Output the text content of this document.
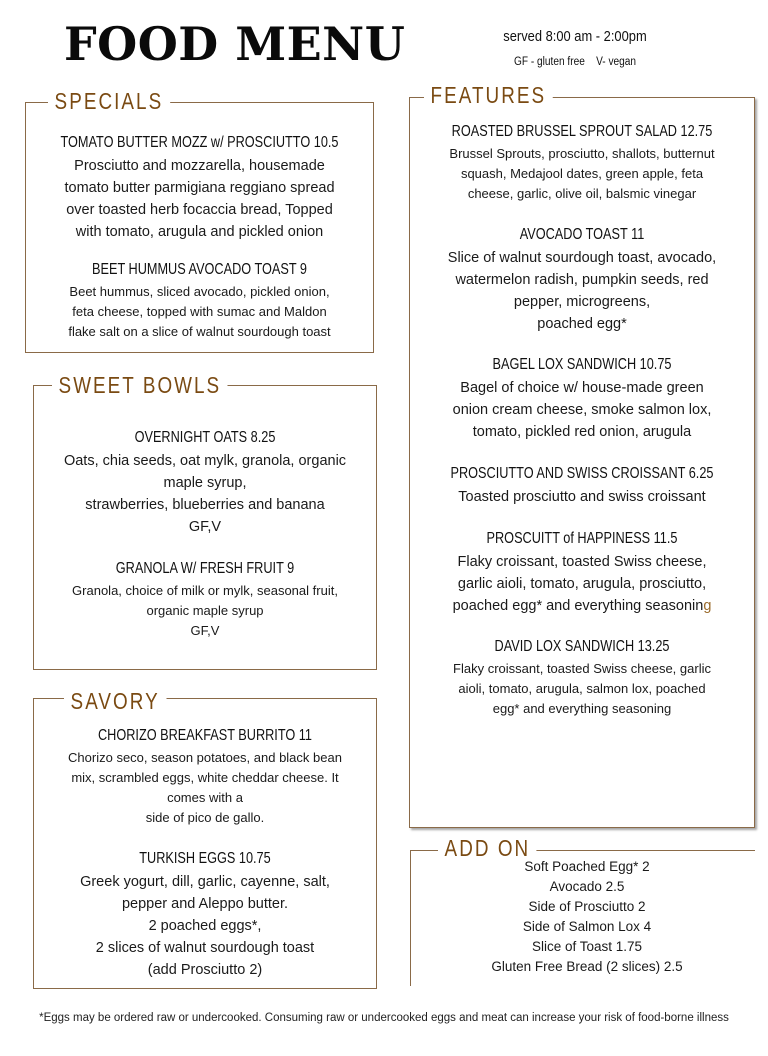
FOOD MENU	served 8:00 am - 2:00pm
GF - gluten free    V- vegan
SPECIALS
TOMATO BUTTER MOZZ w/ PROSCIUTTO 10.5
Prosciutto and mozzarella, housemade
tomato butter parmigiana reggiano spread
over toasted herb focaccia bread, Topped
with tomato, arugula and pickled onion
BEET HUMMUS AVOCADO TOAST 9
Beet hummus, sliced avocado, pickled onion,
feta cheese, topped with sumac and Maldon
flake salt on a slice of walnut sourdough toast
SWEET BOWLS
OVERNIGHT OATS 8.25
Oats, chia seeds, oat mylk, granola, organic
maple syrup,
strawberries, blueberries and banana
GF,V
GRANOLA W/ FRESH FRUIT 9
Granola, choice of milk or mylk, seasonal fruit,
organic maple syrup
GF,V
SAVORY
CHORIZO BREAKFAST BURRITO 11
Chorizo seco, season potatoes, and black bean
mix, scrambled eggs, white cheddar cheese. It
comes with a
side of pico de gallo.
TURKISH EGGS 10.75
Greek yogurt, dill, garlic, cayenne, salt,
pepper and Aleppo butter.
2 poached eggs*,
2 slices of walnut sourdough toast
(add Prosciutto 2)
FEATURES
ROASTED BRUSSEL SPROUT SALAD 12.75
Brussel Sprouts, prosciutto, shallots, butternut
squash, Medajool dates, green apple, feta
cheese, garlic, olive oil, balsmic vinegar
AVOCADO TOAST 11
Slice of walnut sourdough toast, avocado,
watermelon radish, pumpkin seeds, red
pepper, microgreens,
poached egg*
BAGEL LOX SANDWICH 10.75
Bagel of choice w/ house-made green
onion cream cheese, smoke salmon lox,
tomato, pickled red onion, arugula
PROSCIUTTO AND SWISS CROISSANT 6.25
Toasted prosciutto and swiss croissant
PROSCUITT of HAPPINESS 11.5
Flaky croissant, toasted Swiss cheese,
garlic aioli, tomato, arugula, prosciutto,
poached egg* and everything seasoning
DAVID LOX SANDWICH 13.25
Flaky croissant, toasted Swiss cheese, garlic
aioli, tomato, arugula, salmon lox, poached
egg* and everything seasoning
ADD ON
Soft Poached Egg* 2
Avocado 2.5
Side of Prosciutto 2
Side of Salmon Lox 4
Slice of Toast 1.75
Gluten Free Bread (2 slices) 2.5
*Eggs may be ordered raw or undercooked. Consuming raw or undercooked eggs and meat can increase your risk of food-borne illness
